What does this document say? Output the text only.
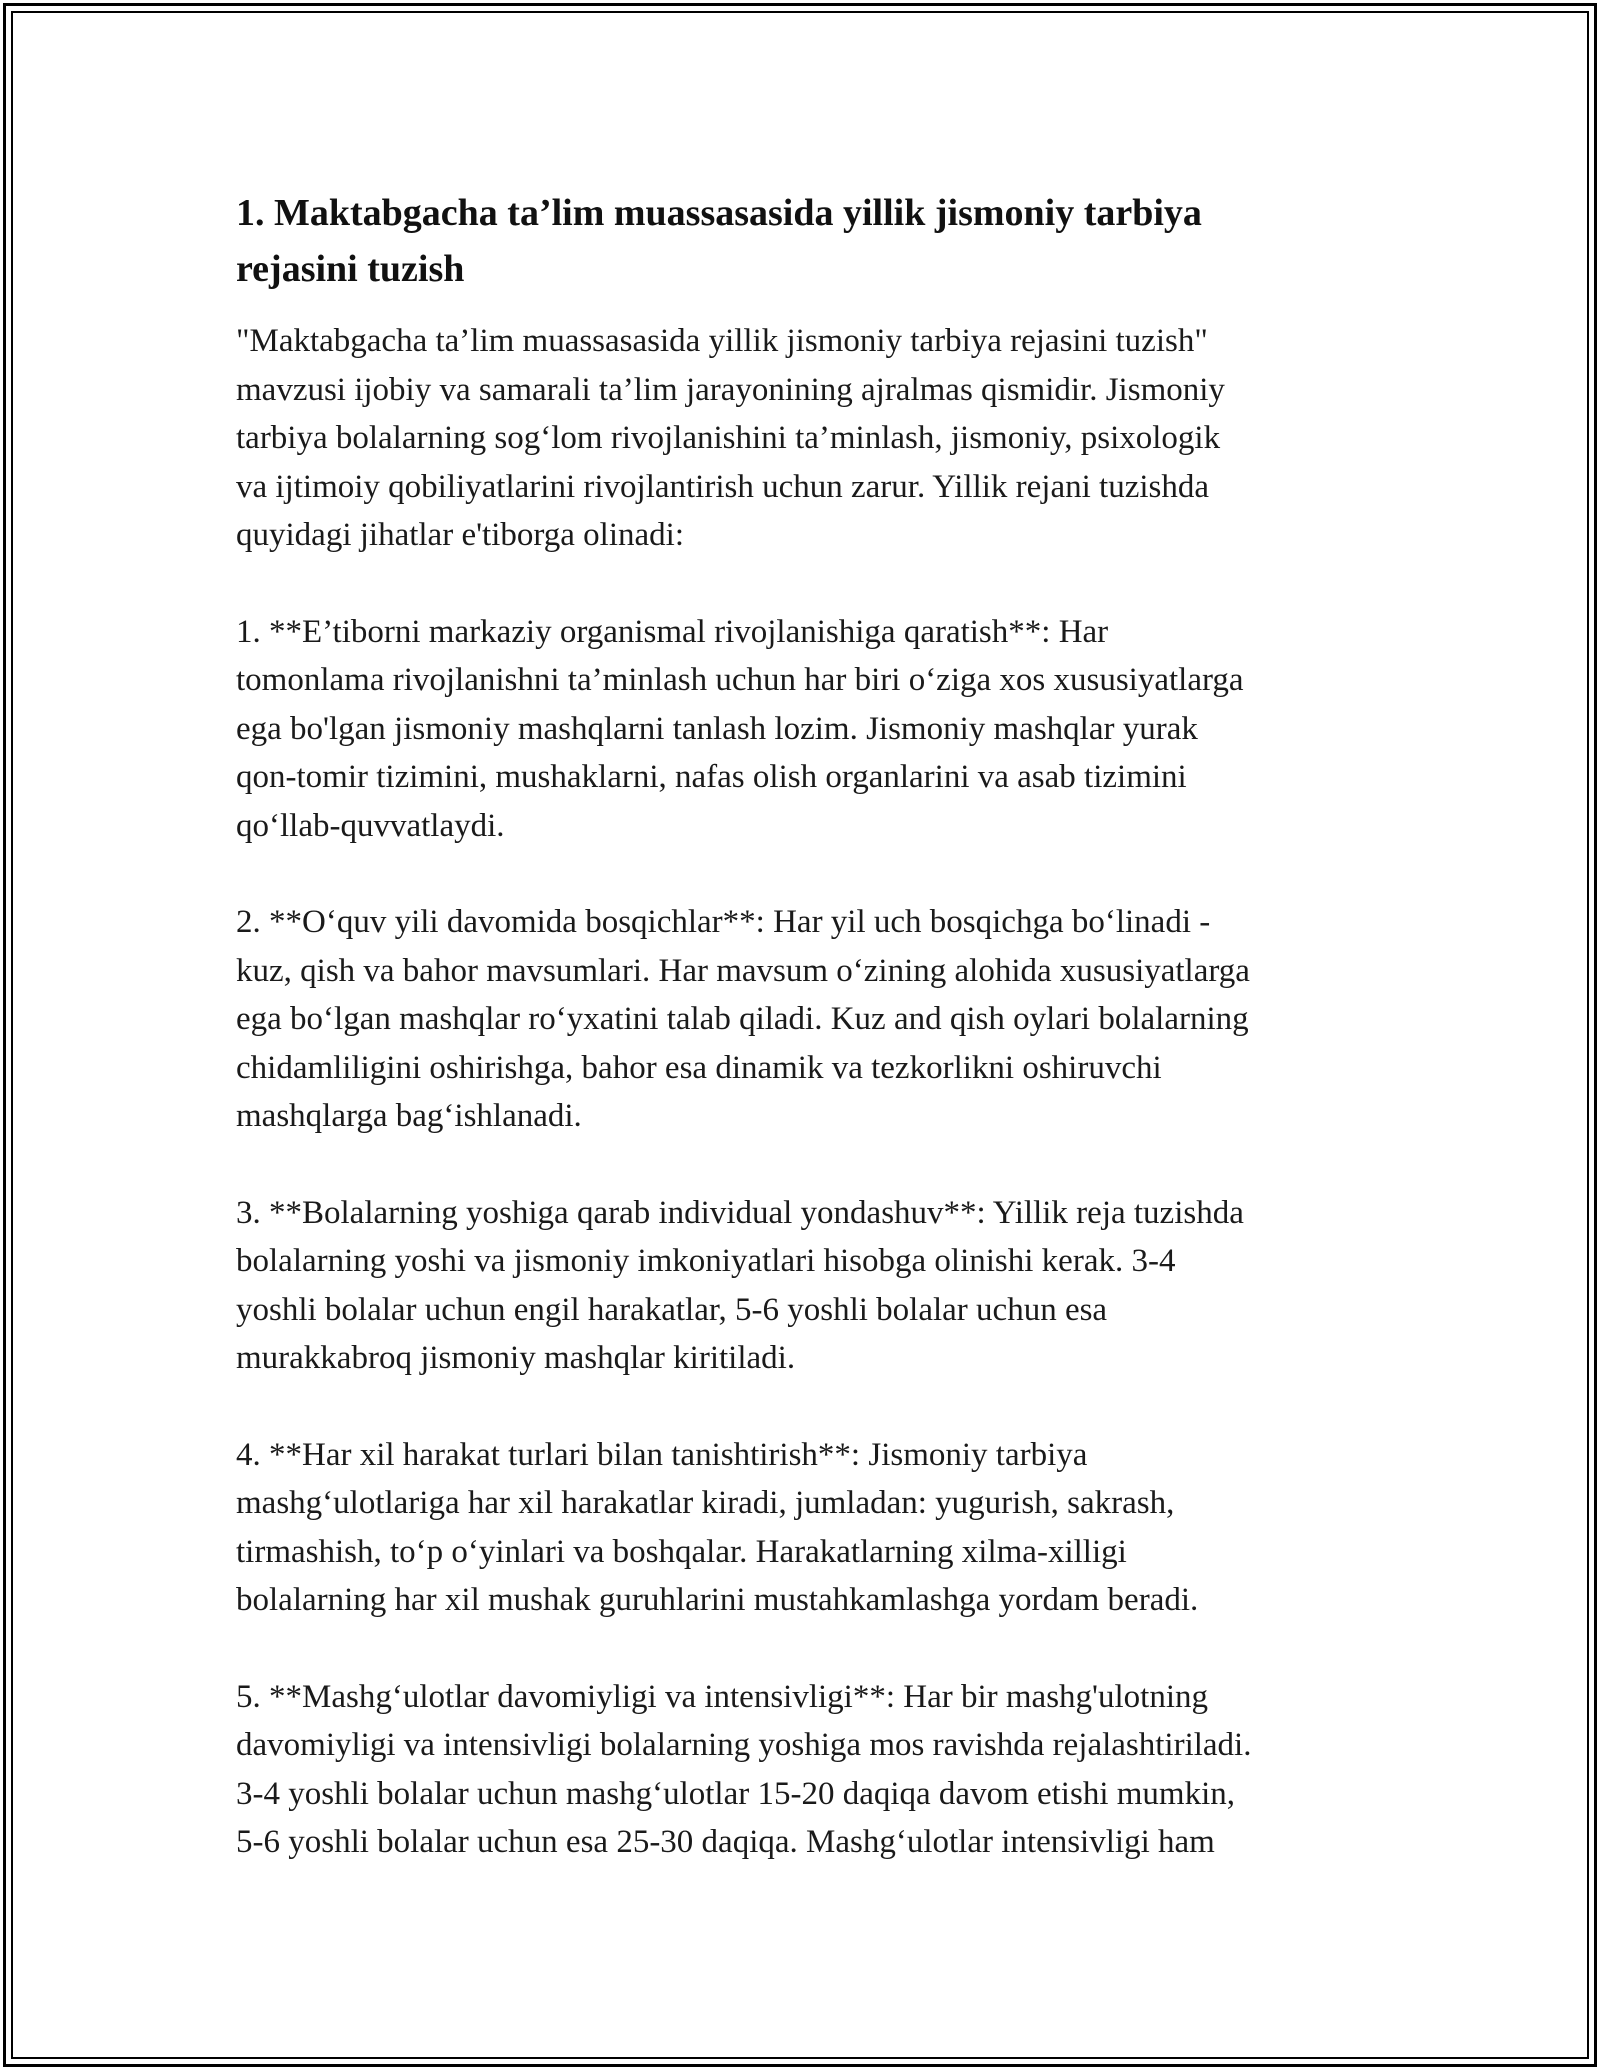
1. Maktabgacha ta’lim muassasasida yillik jismoniy tarbiya
rejasini tuzish

"Maktabgacha ta’lim muassasasida yillik jismoniy tarbiya rejasini tuzish"
mavzusi ijobiy va samarali ta’lim jarayonining ajralmas qismidir. Jismoniy
tarbiya bolalarning sog‘lom rivojlanishini ta’minlash, jismoniy, psixologik
va ijtimoiy qobiliyatlarini rivojlantirish uchun zarur. Yillik rejani tuzishda
quyidagi jihatlar e'tiborga olinadi:

1. **E’tiborni markaziy organismal rivojlanishiga qaratish**: Har
tomonlama rivojlanishni ta’minlash uchun har biri o‘ziga xos xususiyatlarga
ega bo'lgan jismoniy mashqlarni tanlash lozim. Jismoniy mashqlar yurak
qon-tomir tizimini, mushaklarni, nafas olish organlarini va asab tizimini
qo‘llab-quvvatlaydi.

2. **O‘quv yili davomida bosqichlar**: Har yil uch bosqichga bo‘linadi -
kuz, qish va bahor mavsumlari. Har mavsum o‘zining alohida xususiyatlarga
ega bo‘lgan mashqlar ro‘yxatini talab qiladi. Kuz and qish oylari bolalarning
chidamliligini oshirishga, bahor esa dinamik va tezkorlikni oshiruvchi
mashqlarga bag‘ishlanadi.

3. **Bolalarning yoshiga qarab individual yondashuv**: Yillik reja tuzishda
bolalarning yoshi va jismoniy imkoniyatlari hisobga olinishi kerak. 3-4
yoshli bolalar uchun engil harakatlar, 5-6 yoshli bolalar uchun esa
murakkabroq jismoniy mashqlar kiritiladi.

4. **Har xil harakat turlari bilan tanishtirish**: Jismoniy tarbiya
mashg‘ulotlariga har xil harakatlar kiradi, jumladan: yugurish, sakrash,
tirmashish, to‘p o‘yinlari va boshqalar. Harakatlarning xilma-xilligi
bolalarning har xil mushak guruhlarini mustahkamlashga yordam beradi.

5. **Mashg‘ulotlar davomiyligi va intensivligi**: Har bir mashg'ulotning
davomiyligi va intensivligi bolalarning yoshiga mos ravishda rejalashtiriladi.
3-4 yoshli bolalar uchun mashg‘ulotlar 15-20 daqiqa davom etishi mumkin,
5-6 yoshli bolalar uchun esa 25-30 daqiqa. Mashg‘ulotlar intensivligi ham
